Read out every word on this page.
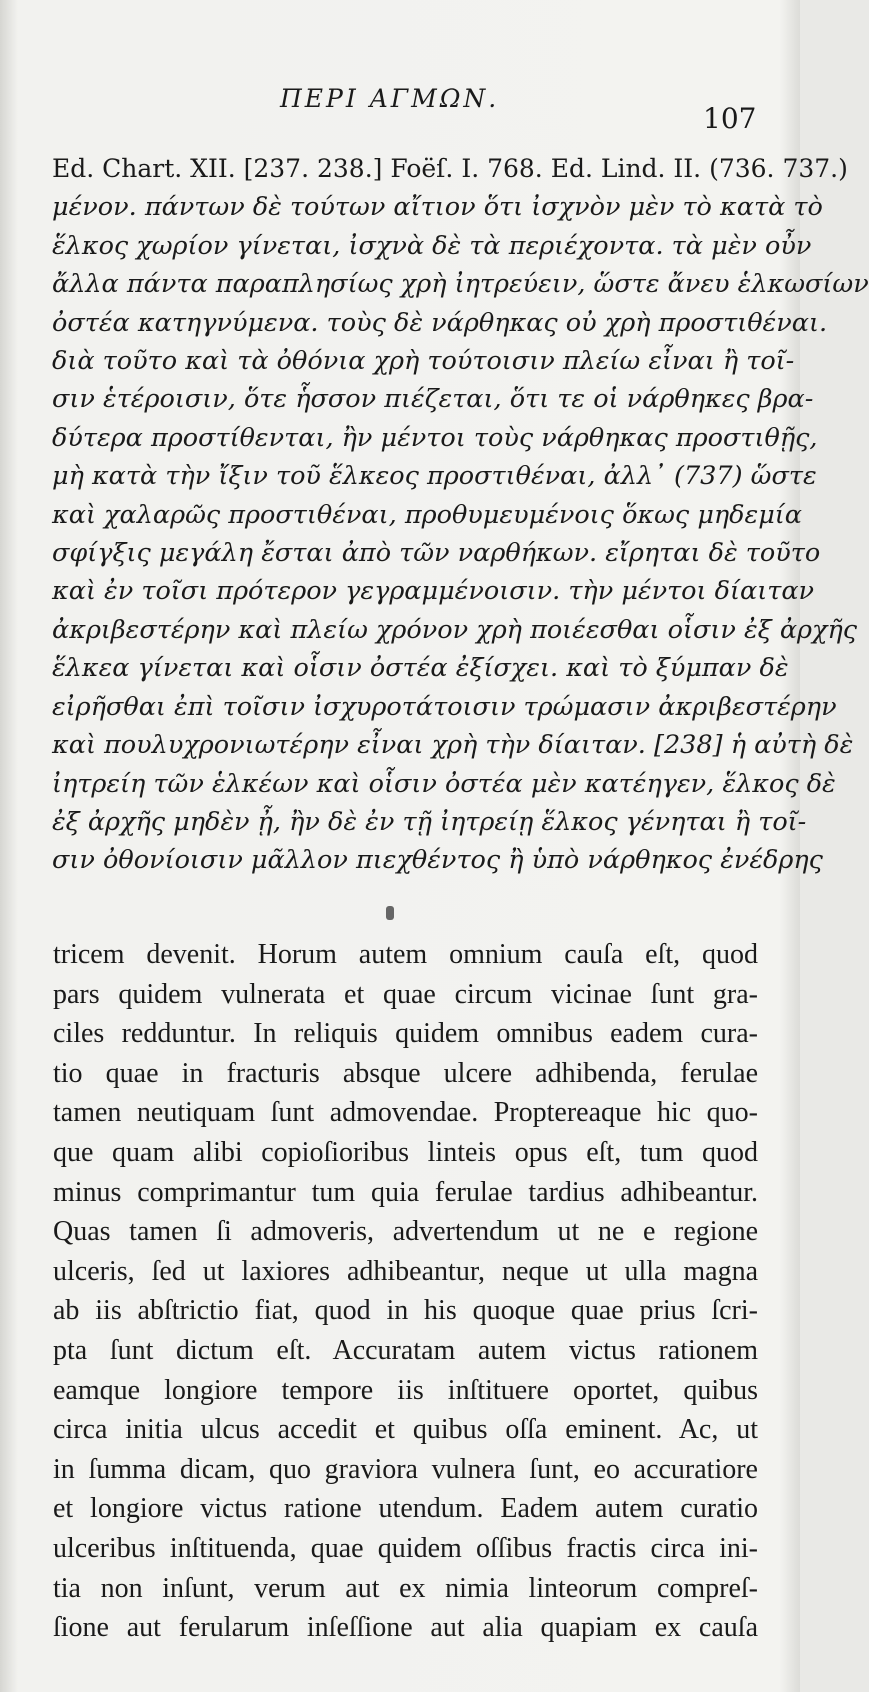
ΠΕΡΙ ΑΓΜΩΝ.
107
Ed. Chart. XII. [237. 238.] Foëſ. I. 768. Ed. Lind. II. (736. 737.)
μένον. πάντων δὲ τούτων αἴτιον ὅτι ἰσχνὸν μὲν τὸ κατὰ τὸ
ἕλκος χωρίον γίνεται, ἰσχνὰ δὲ τὰ περιέχοντα. τὰ μὲν οὖν
ἄλλα πάντα παραπλησίως χρὴ ἰητρεύειν, ὥστε ἄνευ ἑλκωσίων
ὀστέα κατηγνύμενα. τοὺς δὲ νάρθηκας οὐ χρὴ προστιθέναι.
διὰ τοῦτο καὶ τὰ ὀθόνια χρὴ τούτοισιν πλείω εἶναι ἢ τοῖ-
σιν ἑτέροισιν, ὅτε ἧσσον πιέζεται, ὅτι τε οἱ νάρθηκες βρα-
δύτερα προστίθενται, ἢν μέντοι τοὺς νάρθηκας προστιθῇς,
μὴ κατὰ τὴν ἴξιν τοῦ ἕλκεος προστιθέναι, ἀλλ᾽ (737) ὥστε
καὶ χαλαρῶς προστιθέναι, προθυμευμένοις ὅκως μηδεμία
σφίγξις μεγάλη ἔσται ἀπὸ τῶν ναρθήκων. εἴρηται δὲ τοῦτο
καὶ ἐν τοῖσι πρότερον γεγραμμένοισιν. τὴν μέντοι δίαιταν
ἀκριβεστέρην καὶ πλείω χρόνον χρὴ ποιέεσθαι οἷσιν ἐξ ἀρχῆς
ἕλκεα γίνεται καὶ οἷσιν ὀστέα ἐξίσχει. καὶ τὸ ξύμπαν δὲ
εἰρῆσθαι ἐπὶ τοῖσιν ἰσχυροτάτοισιν τρώμασιν ἀκριβεστέρην
καὶ πουλυχρονιωτέρην εἶναι χρὴ τὴν δίαιταν. [238] ἡ αὐτὴ δὲ
ἰητρείη τῶν ἑλκέων καὶ οἷσιν ὀστέα μὲν κατέηγεν, ἕλκος δὲ
ἐξ ἀρχῆς μηδὲν ᾖ, ἢν δὲ ἐν τῇ ἰητρείῃ ἕλκος γένηται ἢ τοῖ-
σιν ὀθονίοισιν μᾶλλον πιεχθέντος ἢ ὑπὸ νάρθηκος ἐνέδρης
tricem devenit. Horum autem omnium cauſa eſt, quod
pars quidem vulnerata et quae circum vicinae ſunt gra-
ciles redduntur. In reliquis quidem omnibus eadem cura-
tio quae in fracturis absque ulcere adhibenda, ferulae
tamen neutiquam ſunt admovendae. Proptereaque hic quo-
que quam alibi copioſioribus linteis opus eſt, tum quod
minus comprimantur tum quia ferulae tardius adhibeantur.
Quas tamen ſi admoveris, advertendum ut ne e regione
ulceris, ſed ut laxiores adhibeantur, neque ut ulla magna
ab iis abſtrictio fiat, quod in his quoque quae prius ſcri-
pta ſunt dictum eſt. Accuratam autem victus rationem
eamque longiore tempore iis inſtituere oportet, quibus
circa initia ulcus accedit et quibus oſſa eminent. Ac, ut
in ſumma dicam, quo graviora vulnera ſunt, eo accuratiore
et longiore victus ratione utendum. Eadem autem curatio
ulceribus inſtituenda, quae quidem oſſibus fractis circa ini-
tia non inſunt, verum aut ex nimia linteorum compreſ-
ſione aut ferularum inſeſſione aut alia quapiam ex cauſa
